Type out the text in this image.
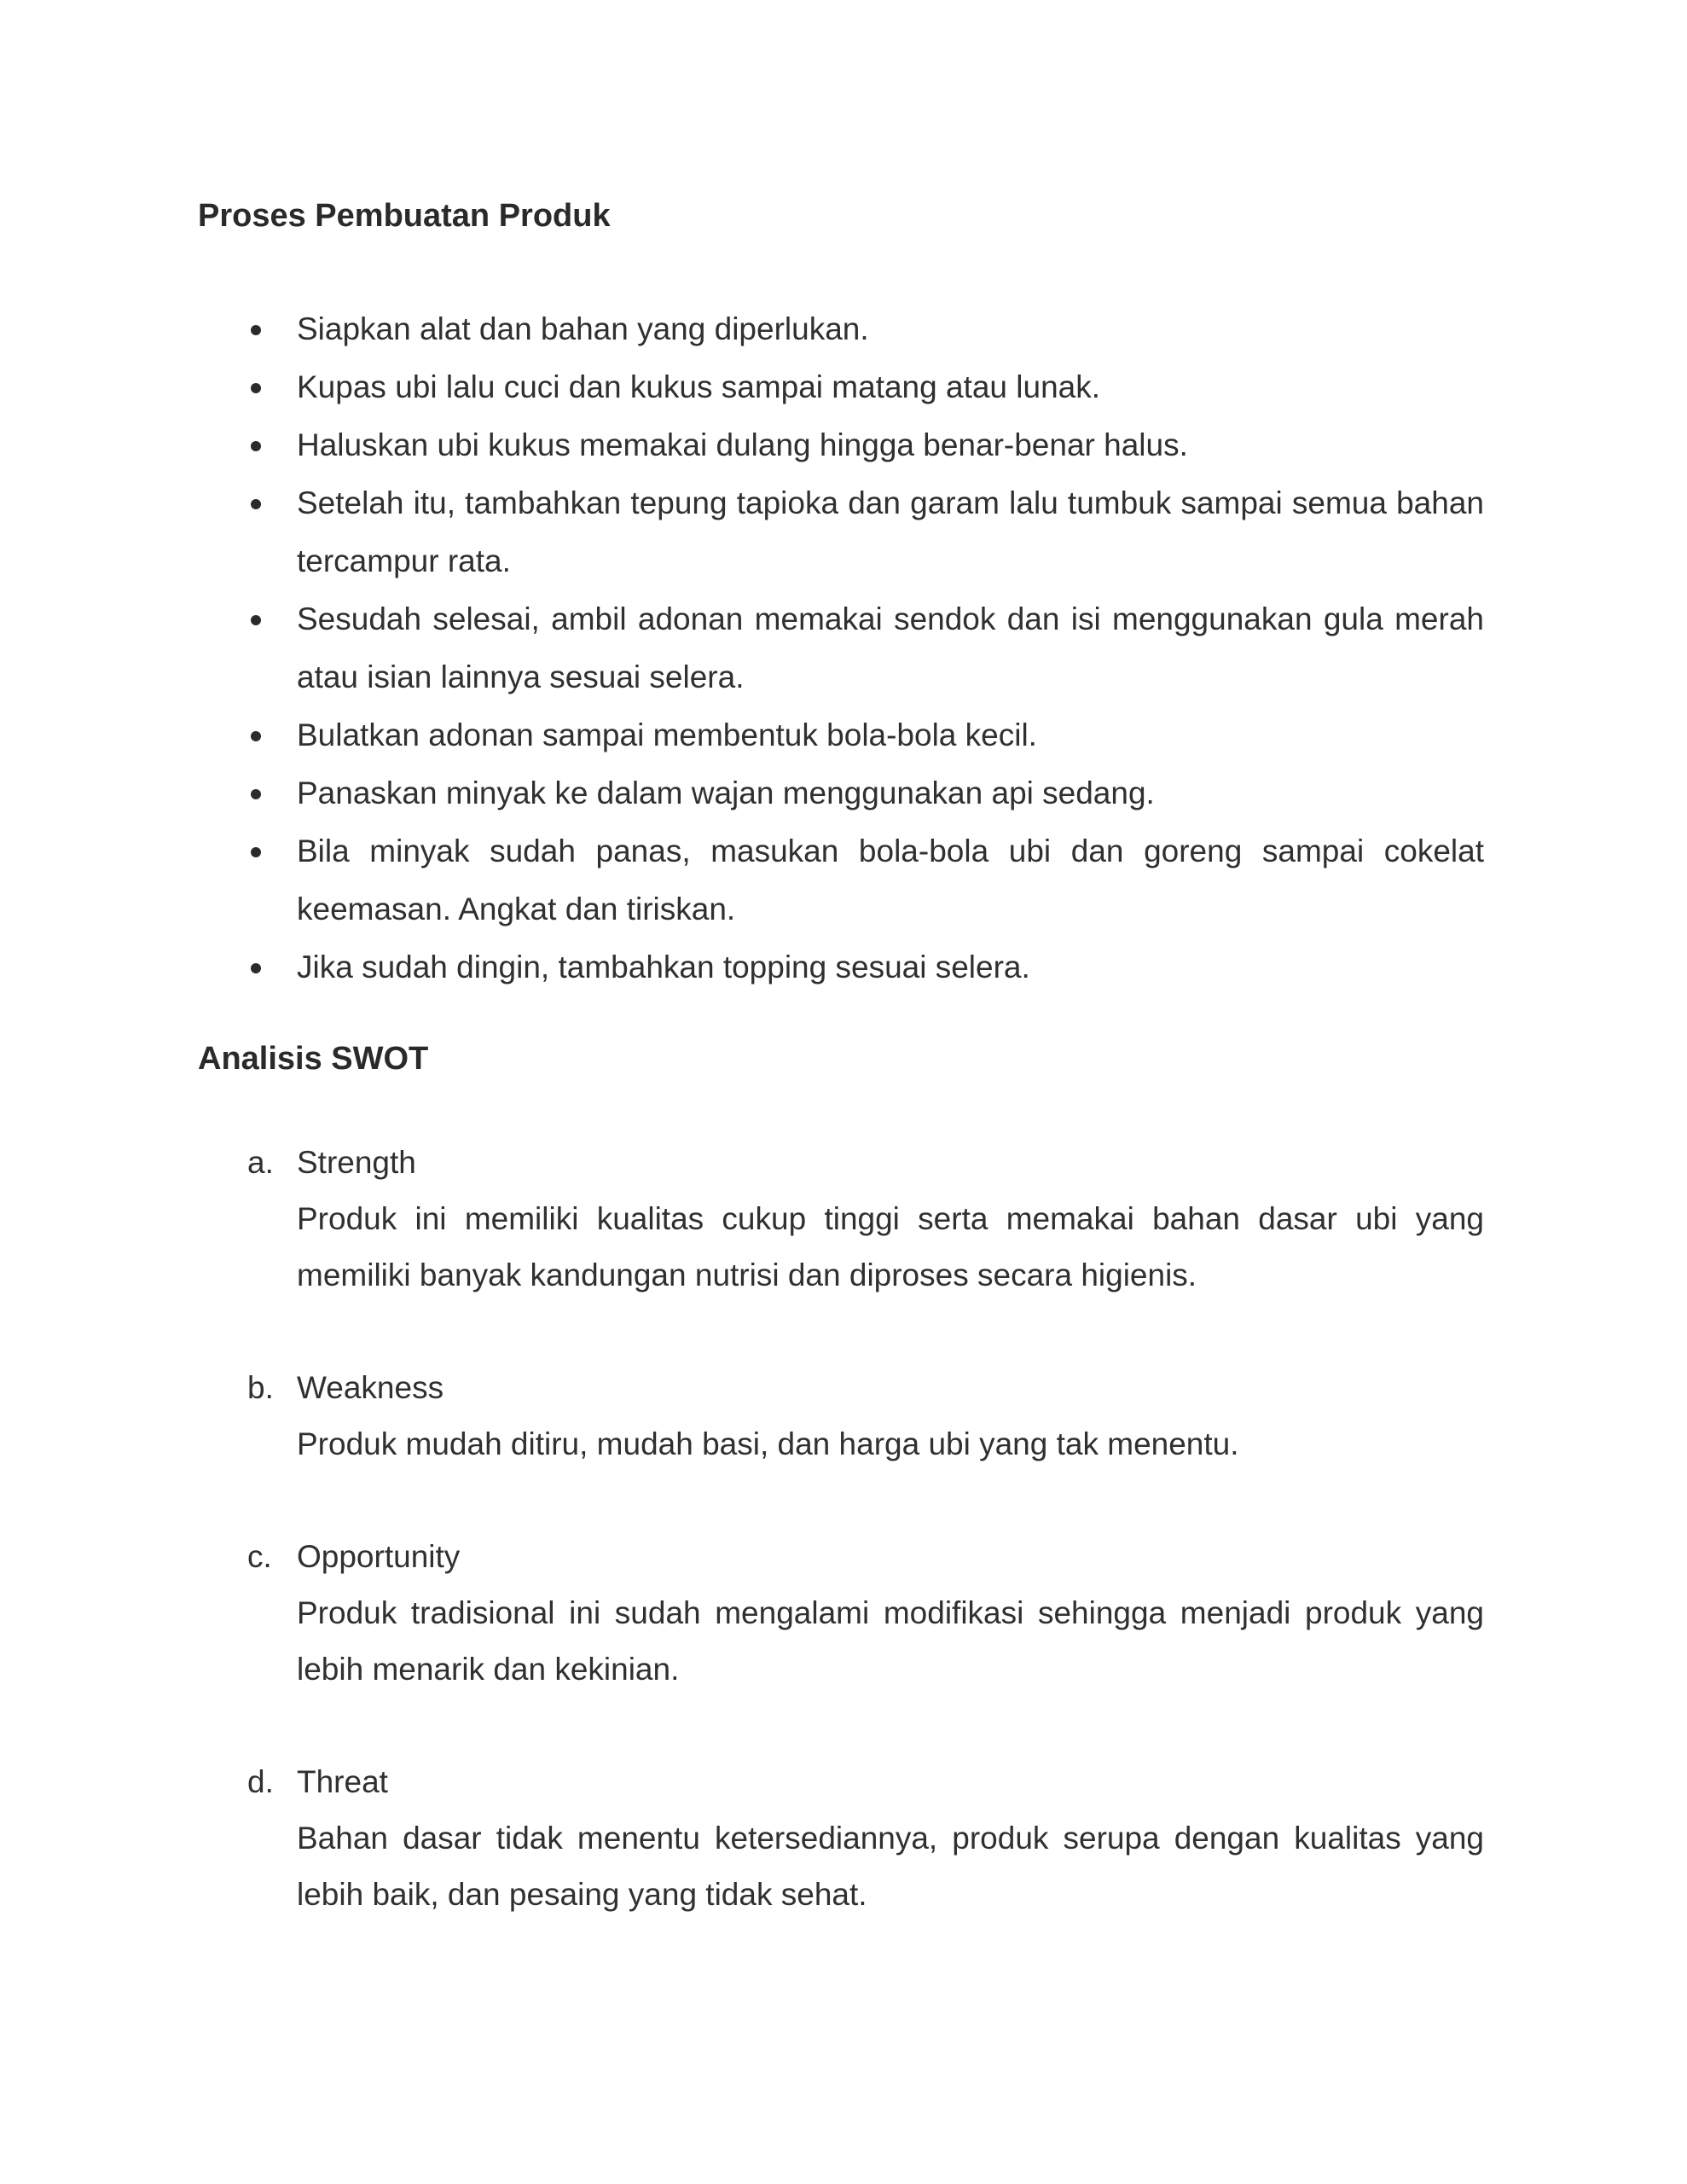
Proses Pembuatan Produk
Siapkan alat dan bahan yang diperlukan.
Kupas ubi lalu cuci dan kukus sampai matang atau lunak.
Haluskan ubi kukus memakai dulang hingga benar-benar halus.
Setelah itu, tambahkan tepung tapioka dan garam lalu tumbuk sampai semua bahan tercampur rata.
Sesudah selesai, ambil adonan memakai sendok dan isi menggunakan gula merah atau isian lainnya sesuai selera.
Bulatkan adonan sampai membentuk bola-bola kecil.
Panaskan minyak ke dalam wajan menggunakan api sedang.
Bila minyak sudah panas, masukan bola-bola ubi dan goreng sampai cokelat keemasan. Angkat dan tiriskan.
Jika sudah dingin, tambahkan topping sesuai selera.
Analisis SWOT
a. Strength
Produk ini memiliki kualitas cukup tinggi serta memakai bahan dasar ubi yang memiliki banyak kandungan nutrisi dan diproses secara higienis.
b. Weakness
Produk mudah ditiru, mudah basi, dan harga ubi yang tak menentu.
c. Opportunity
Produk tradisional ini sudah mengalami modifikasi sehingga menjadi produk yang lebih menarik dan kekinian.
d. Threat
Bahan dasar tidak menentu ketersediannya, produk serupa dengan kualitas yang lebih baik, dan pesaing yang tidak sehat.
